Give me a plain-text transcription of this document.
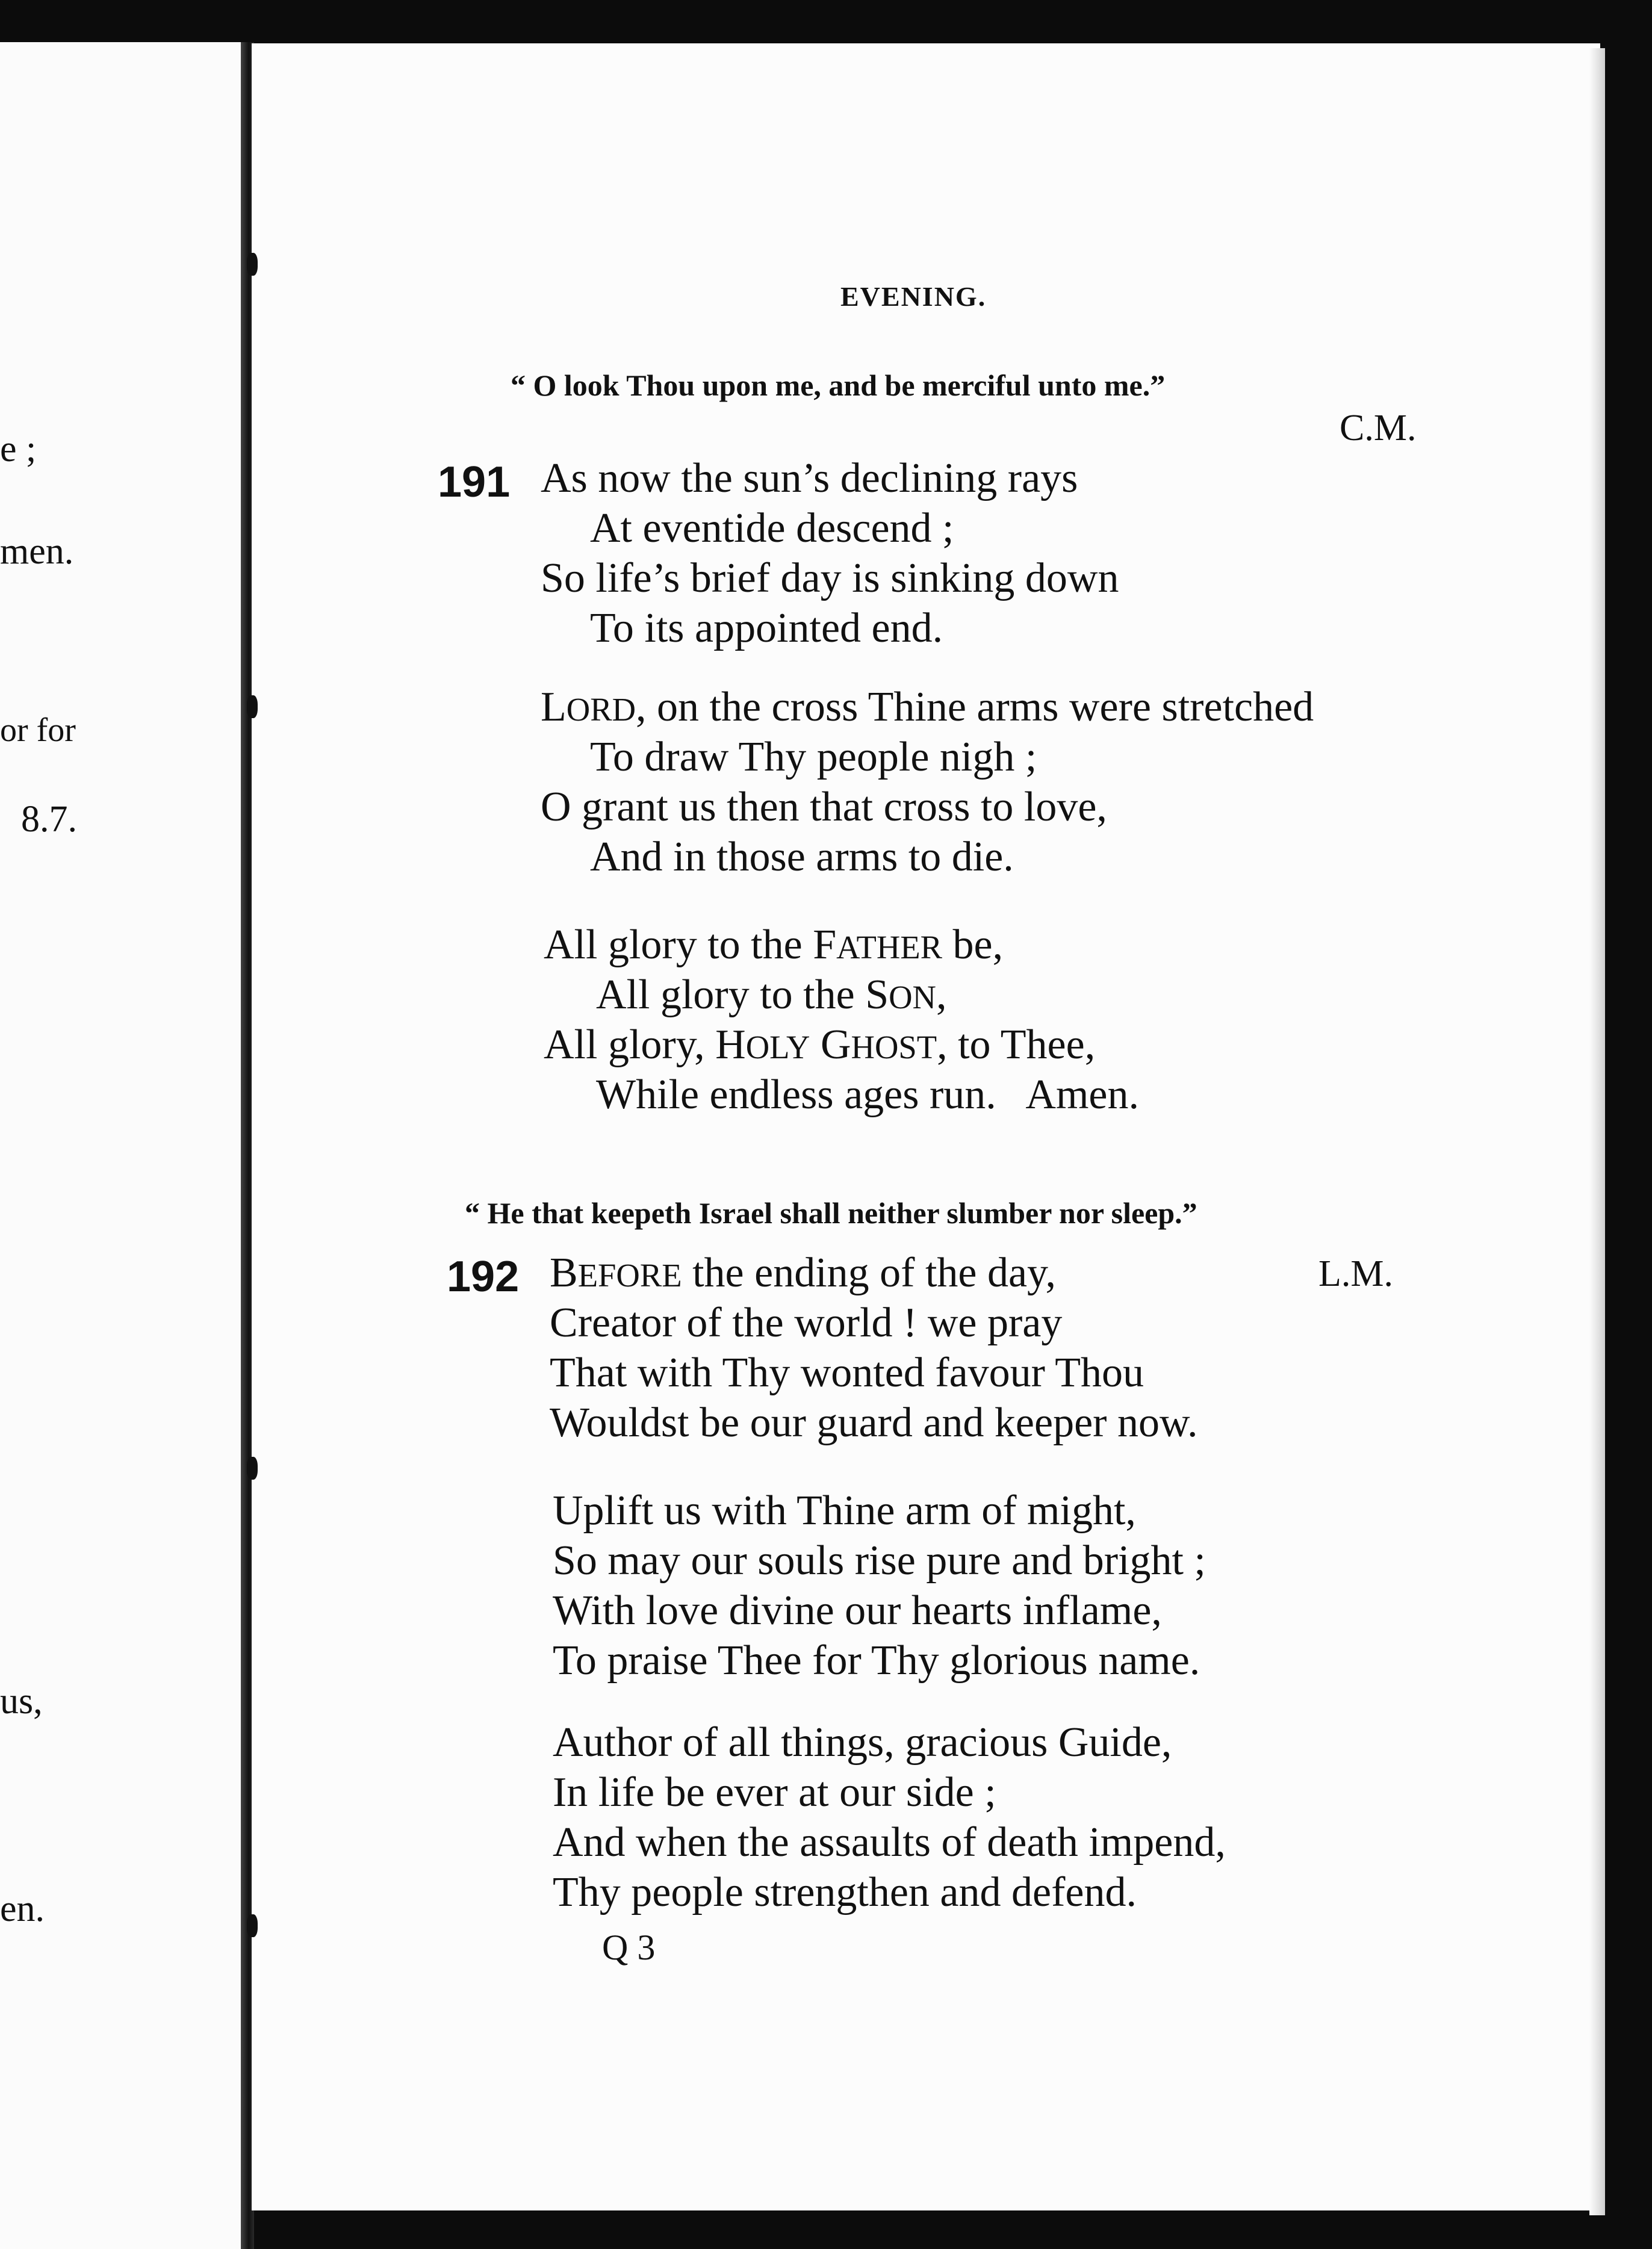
e ;
men.
or for
8.7.
us,
en.
EVENING.
“ O look Thou upon me, and be merciful unto me.”
C.M.
191 As now the sun’s declining rays
At eventide descend ;
So life’s brief day is sinking down
To its appointed end.
LORD, on the cross Thine arms were stretched
To draw Thy people nigh ;
O grant us then that cross to love,
And in those arms to die.
All glory to the FATHER be,
All glory to the SON,
All glory, HOLY GHOST, to Thee,
While endless ages run.   Amen.
“ He that keepeth Israel shall neither slumber nor sleep.”
192	L.M.
BEFORE the ending of the day,
Creator of the world ! we pray
That with Thy wonted favour Thou
Wouldst be our guard and keeper now.
Uplift us with Thine arm of might,
So may our souls rise pure and bright ;
With love divine our hearts inflame,
To praise Thee for Thy glorious name.
Author of all things, gracious Guide,
In life be ever at our side ;
And when the assaults of death impend,
Thy people strengthen and defend.
Q 3
